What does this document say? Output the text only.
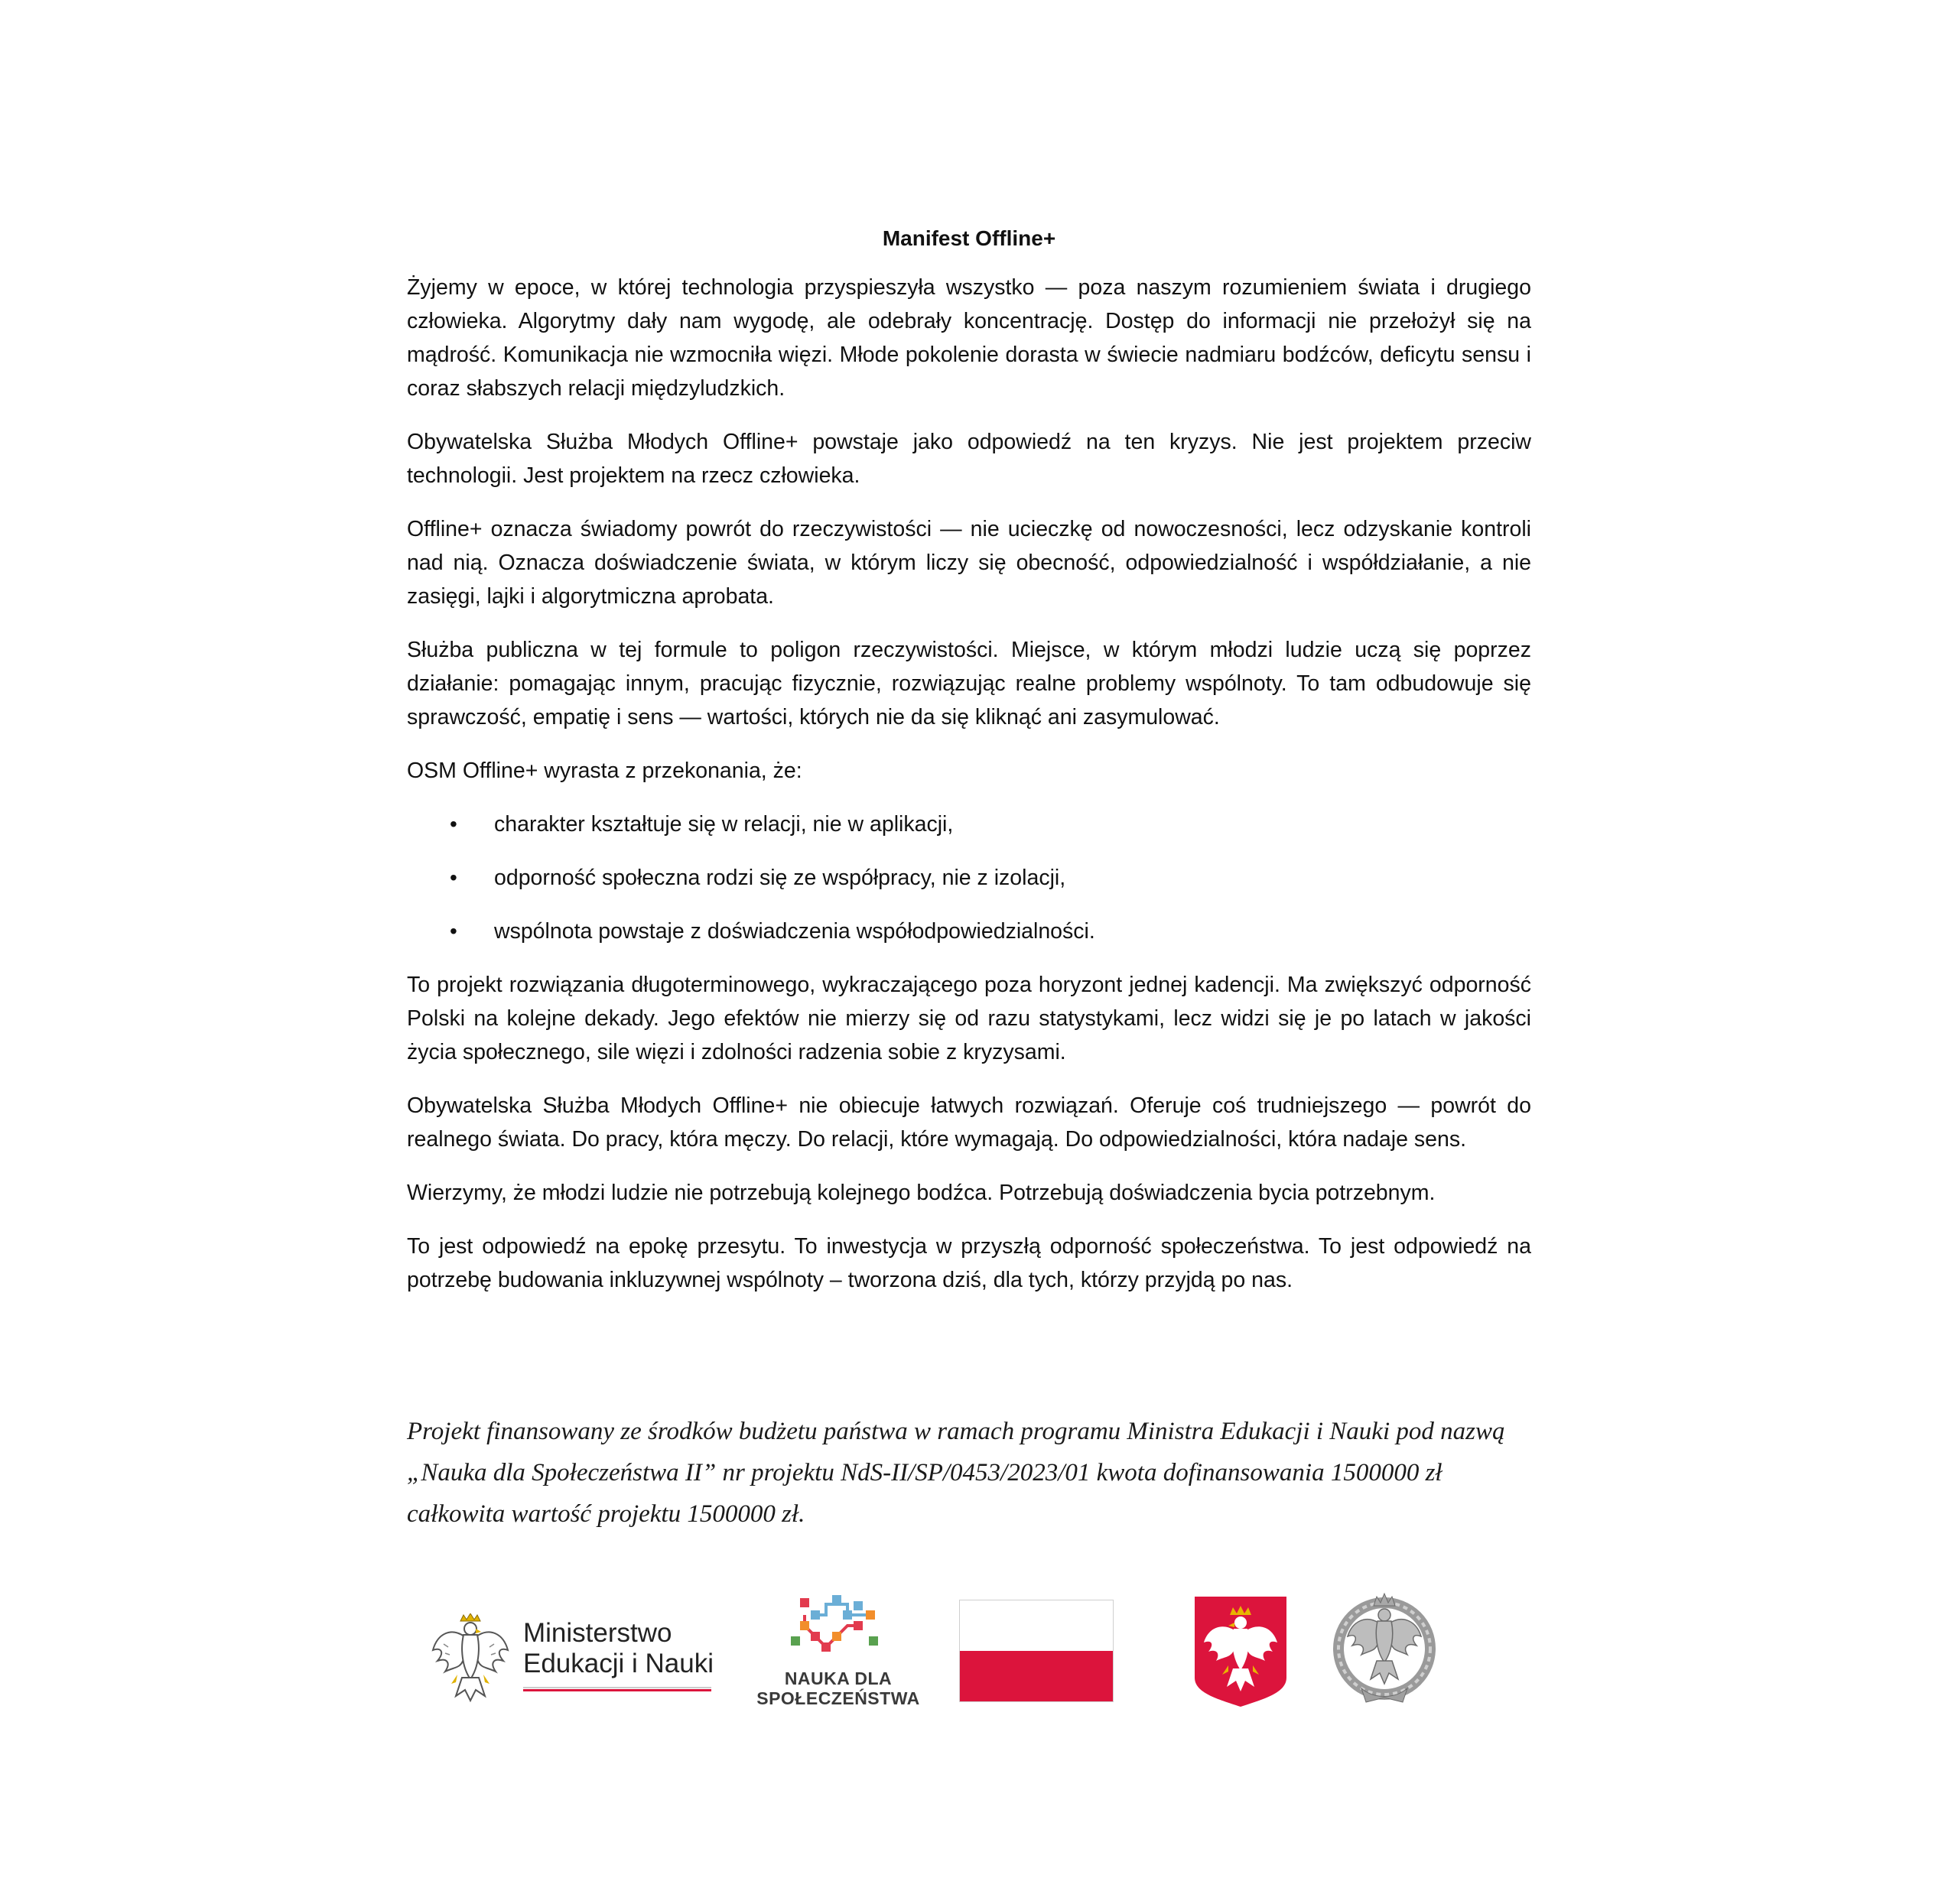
Manifest Offline+

Żyjemy w epoce, w której technologia przyspieszyła wszystko — poza naszym rozumieniem świata i drugiego człowieka. Algorytmy dały nam wygodę, ale odebrały koncentrację. Dostęp do informacji nie przełożył się na mądrość. Komunikacja nie wzmocniła więzi. Młode pokolenie dorasta w świecie nadmiaru bodźców, deficytu sensu i coraz słabszych relacji międzyludzkich.

Obywatelska Służba Młodych Offline+ powstaje jako odpowiedź na ten kryzys. Nie jest projektem przeciw technologii. Jest projektem na rzecz człowieka.

Offline+ oznacza świadomy powrót do rzeczywistości — nie ucieczkę od nowoczesności, lecz odzyskanie kontroli nad nią. Oznacza doświadczenie świata, w którym liczy się obecność, odpowiedzialność i współdziałanie, a nie zasięgi, lajki i algorytmiczna aprobata.

Służba publiczna w tej formule to poligon rzeczywistości. Miejsce, w którym młodzi ludzie uczą się poprzez działanie: pomagając innym, pracując fizycznie, rozwiązując realne problemy wspólnoty. To tam odbudowuje się sprawczość, empatię i sens — wartości, których nie da się kliknąć ani zasymulować.

OSM Offline+ wyrasta z przekonania, że:

• charakter kształtuje się w relacji, nie w aplikacji,
• odporność społeczna rodzi się ze współpracy, nie z izolacji,
• wspólnota powstaje z doświadczenia współodpowiedzialności.

To projekt rozwiązania długoterminowego, wykraczającego poza horyzont jednej kadencji. Ma zwiększyć odporność Polski na kolejne dekady. Jego efektów nie mierzy się od razu statystykami, lecz widzi się je po latach w jakości życia społecznego, sile więzi i zdolności radzenia sobie z kryzysami.

Obywatelska Służba Młodych Offline+ nie obiecuje łatwych rozwiązań. Oferuje coś trudniejszego — powrót do realnego świata. Do pracy, która męczy. Do relacji, które wymagają. Do odpowiedzialności, która nadaje sens.

Wierzymy, że młodzi ludzie nie potrzebują kolejnego bodźca. Potrzebują doświadczenia bycia potrzebnym.

To jest odpowiedź na epokę przesytu. To inwestycja w przyszłą odporność społeczeństwa. To jest odpowiedź na potrzebę budowania inkluzywnej wspólnoty – tworzona dziś, dla tych, którzy przyjdą po nas.

Projekt finansowany ze środków budżetu państwa w ramach programu Ministra Edukacji i Nauki pod nazwą „Nauka dla Społeczeństwa II” nr projektu NdS-II/SP/0453/2023/01 kwota dofinansowania 1500000 zł całkowita wartość projektu 1500000 zł.

Ministerstwo
Edukacji i Nauki	NAUKA DLA
SPOŁECZEŃSTWA
